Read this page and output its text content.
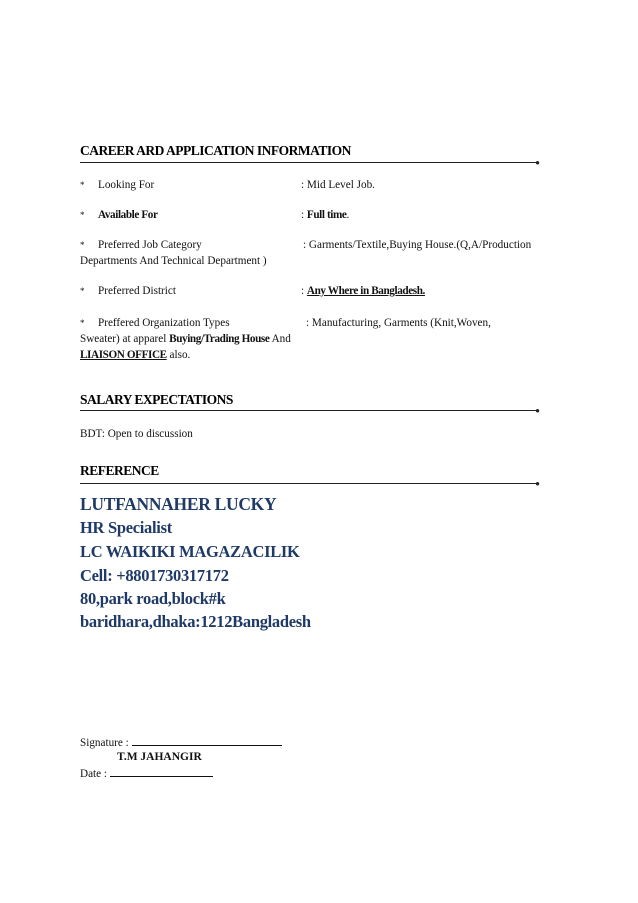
CAREER ARD APPLICATION INFORMATION
●
* Looking For	: Mid Level Job.
* Available For	: Full time.
* Preferred Job Category	: Garments/Textile,Buying House.(Q,A/Production
Departments And Technical Department )
* Preferred District	: Any Where in Bangladesh.
* Preffered Organization Types	: Manufacturing, Garments (Knit,Woven,
Sweater) at apparel Buying/Trading House And
LIAISON OFFICE also.
SALARY EXPECTATIONS
●
BDT: Open to discussion
REFERENCE
●
LUTFANNAHER LUCKY
HR Specialist
LC WAIKIKI MAGAZACILIK
Cell: +8801730317172
80,park road,block#k
baridhara,dhaka:1212Bangladesh
Signature :
T.M JAHANGIR
Date :
